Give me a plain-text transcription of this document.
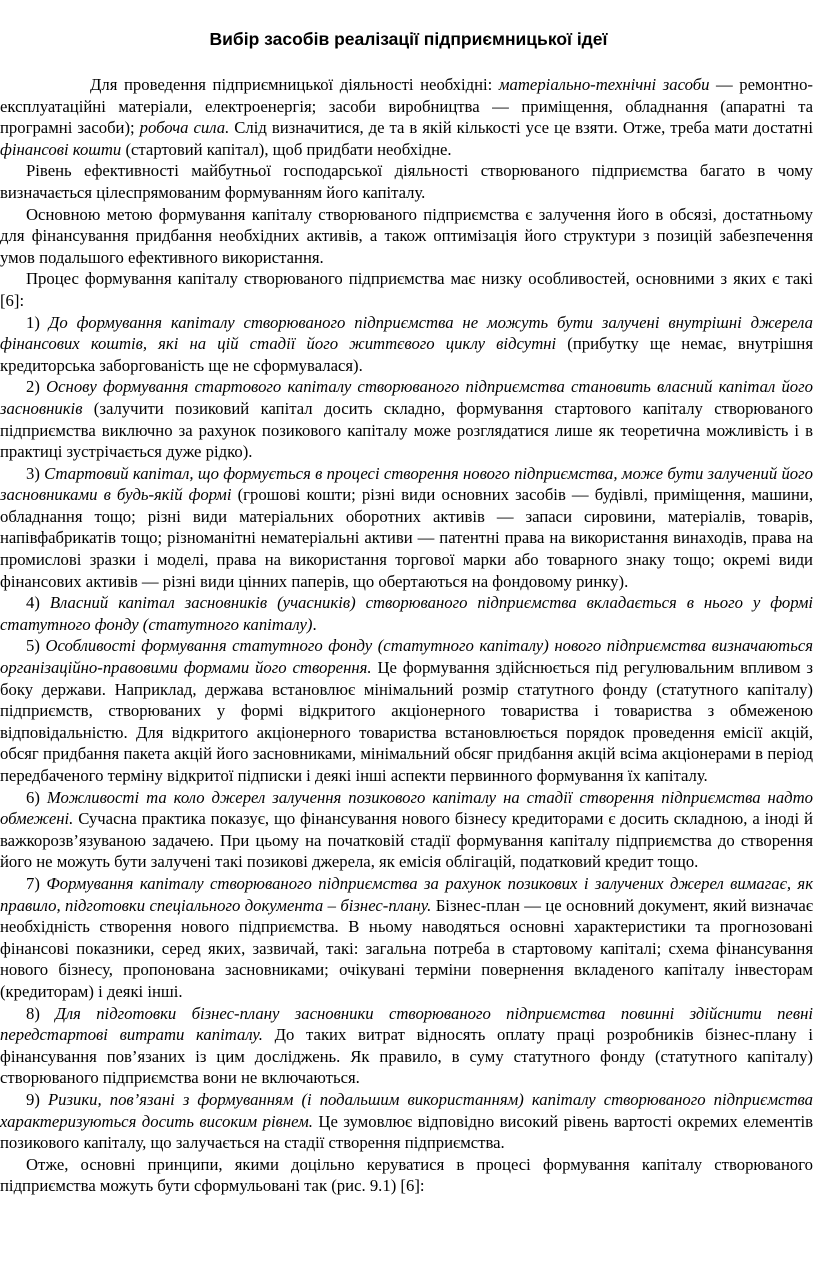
Вибір засобів реалізації підприємницької ідеї

Для проведення підприємницької діяльності необхідні: матеріально-технічні засоби — ремонтно-експлуатаційні матеріали, електроенергія; засоби виробництва — приміщення, обладнання (апаратні та програмні засоби); робоча сила. Слід визначитися, де та в якій кількості усе це взяти. Отже, треба мати достатні фінансові кошти (стартовий капітал), щоб придбати необхідне.

Рівень ефективності майбутньої господарської діяльності створюваного підприємства багато в чому визначається цілеспрямованим формуванням його капіталу.

Основною метою формування капіталу створюваного підприємства є залучення його в обсязі, достатньому для фінансування придбання необхідних активів, а також оптимізація його структури з позицій забезпечення умов подальшого ефективного використання.

Процес формування капіталу створюваного підприємства має низку особливостей, основними з яких є такі [6]:

1) До формування капіталу створюваного підприємства не можуть бути залучені внутрішні джерела фінансових коштів, які на цій стадії його життєвого циклу відсутні (прибутку ще немає, внутрішня кредиторська заборгованість ще не сформувалася).

2) Основу формування стартового капіталу створюваного підприємства становить власний капітал його засновників (залучити позиковий капітал досить складно, формування стартового капіталу створюваного підприємства виключно за рахунок позикового капіталу може розглядатися лише як теоретична можливість і в практиці зустрічається дуже рідко).

3) Стартовий капітал, що формується в процесі створення нового підприємства, може бути залучений його засновниками в будь-якій формі (грошові кошти; різні види основних засобів — будівлі, приміщення, машини, обладнання тощо; різні види матеріальних оборотних активів — запаси сировини, матеріалів, товарів, напівфабрикатів тощо; різноманітні нематеріальні активи — патентні права на використання винаходів, права на промислові зразки і моделі, права на використання торгової марки або товарного знаку тощо; окремі види фінансових активів — різні види цінних паперів, що обертаються на фондовому ринку).

4) Власний капітал засновників (учасників) створюваного підприємства вкладається в нього у формі статутного фонду (статутного капіталу).

5) Особливості формування статутного фонду (статутного капіталу) нового підприємства визначаються організаційно-правовими формами його створення. Це формування здійснюється під регулювальним впливом з боку держави. Наприклад, держава встановлює мінімальний розмір статутного фонду (статутного капіталу) підприємств, створюваних у формі відкритого акціонерного товариства і товариства з обмеженою відповідальністю. Для відкритого акціонерного товариства встановлюється порядок проведення емісії акцій, обсяг придбання пакета акцій його засновниками, мінімальний обсяг придбання акцій всіма акціонерами в період передбаченого терміну відкритої підписки і деякі інші аспекти первинного формування їх капіталу.

6) Можливості та коло джерел залучення позикового капіталу на стадії створення підприємства надто обмежені. Сучасна практика показує, що фінансування нового бізнесу кредиторами є досить складною, а іноді й важкорозв’язуваною задачею. При цьому на початковій стадії формування капіталу підприємства до створення його не можуть бути залучені такі позикові джерела, як емісія облігацій, податковий кредит тощо.

7) Формування капіталу створюваного підприємства за рахунок позикових і залучених джерел вимагає, як правило, підготовки спеціального документа – бізнес-плану. Бізнес-план — це основний документ, який визначає необхідність створення нового підприємства. В ньому наводяться основні характеристики та прогнозовані фінансові показники, серед яких, зазвичай, такі: загальна потреба в стартовому капіталі; схема фінансування нового бізнесу, пропонована засновниками; очікувані терміни повернення вкладеного капіталу інвесторам (кредиторам) і деякі інші.

8) Для підготовки бізнес-плану засновники створюваного підприємства повинні здійснити певні передстартові витрати капіталу. До таких витрат відносять оплату праці розробників бізнес-плану і фінансування пов’язаних із цим досліджень. Як правило, в суму статутного фонду (статутного капіталу) створюваного підприємства вони не включаються.

9) Ризики, пов’язані з формуванням (і подальшим використанням) капіталу створюваного підприємства характеризуються досить високим рівнем. Це зумовлює відповідно високий рівень вартості окремих елементів позикового капіталу, що залучається на стадії створення підприємства.

Отже, основні принципи, якими доцільно керуватися в процесі формування капіталу створюваного підприємства можуть бути сформульовані так (рис. 9.1) [6]:
